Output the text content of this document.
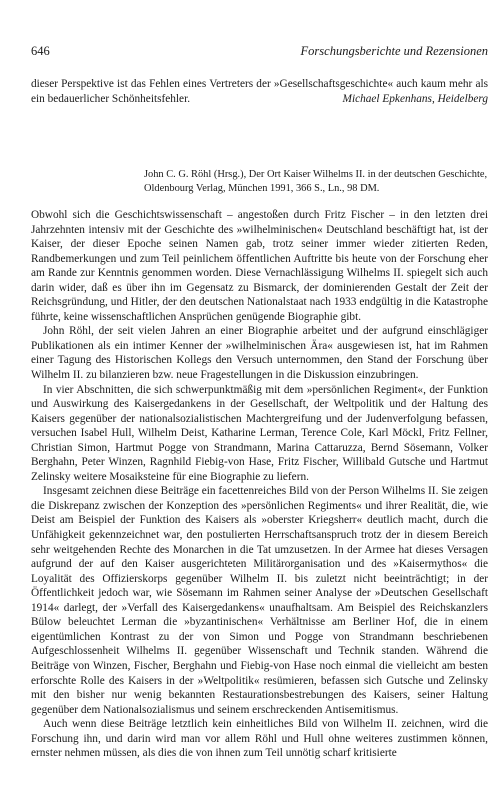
646	Forschungsberichte und Rezensionen
dieser Perspektive ist das Fehlen eines Vertreters der »Gesellschaftsgeschichte« auch kaum mehr als ein bedauerlicher Schönheitsfehler.	Michael Epkenhans, Heidelberg
John C. G. Röhl (Hrsg.), Der Ort Kaiser Wilhelms II. in der deutschen Geschichte, Oldenbourg Verlag, München 1991, 366 S., Ln., 98 DM.

Obwohl sich die Geschichtswissenschaft – angestoßen durch Fritz Fischer – in den letzten drei Jahrzehnten intensiv mit der Geschichte des »wilhelminischen« Deutschland beschäftigt hat, ist der Kaiser, der dieser Epoche seinen Namen gab, trotz seiner immer wieder zitierten Reden, Randbemerkungen und zum Teil peinlichem öffentlichen Auftritte bis heute von der Forschung eher am Rande zur Kenntnis genommen worden. Diese Vernachlässigung Wilhelms II. spiegelt sich auch darin wider, daß es über ihn im Gegensatz zu Bismarck, der dominierenden Gestalt der Zeit der Reichsgründung, und Hitler, der den deutschen Nationalstaat nach 1933 endgültig in die Katastrophe führte, keine wissenschaftlichen Ansprüchen genügende Biographie gibt.

John Röhl, der seit vielen Jahren an einer Biographie arbeitet und der aufgrund einschlägiger Publikationen als ein intimer Kenner der »wilhelminischen Ära« ausgewiesen ist, hat im Rahmen einer Tagung des Historischen Kollegs den Versuch unternommen, den Stand der Forschung über Wilhelm II. zu bilanzieren bzw. neue Fragestellungen in die Diskussion einzubringen.

In vier Abschnitten, die sich schwerpunktmäßig mit dem »persönlichen Regiment«, der Funktion und Auswirkung des Kaisergedankens in der Gesellschaft, der Weltpolitik und der Haltung des Kaisers gegenüber der nationalsozialistischen Machtergreifung und der Judenverfolgung befassen, versuchen Isabel Hull, Wilhelm Deist, Katharine Lerman, Terence Cole, Karl Möckl, Fritz Fellner, Christian Simon, Hartmut Pogge von Strandmann, Marina Cattaruzza, Bernd Sösemann, Volker Berghahn, Peter Winzen, Ragnhild Fiebig-von Hase, Fritz Fischer, Willibald Gutsche und Hartmut Zelinsky weitere Mosaiksteine für eine Biographie zu liefern.

Insgesamt zeichnen diese Beiträge ein facettenreiches Bild von der Person Wilhelms II. Sie zeigen die Diskrepanz zwischen der Konzeption des »persönlichen Regiments« und ihrer Realität, die, wie Deist am Beispiel der Funktion des Kaisers als »oberster Kriegsherr« deutlich macht, durch die Unfähigkeit gekennzeichnet war, den postulierten Herrschaftsanspruch trotz der in diesem Bereich sehr weitgehenden Rechte des Monarchen in die Tat umzusetzen. In der Armee hat dieses Versagen aufgrund der auf den Kaiser ausgerichteten Militärorganisation und des »Kaisermythos« die Loyalität des Offizierskorps gegenüber Wilhelm II. bis zuletzt nicht beeinträchtigt; in der Öffentlichkeit jedoch war, wie Sösemann im Rahmen seiner Analyse der »Deutschen Gesellschaft 1914« darlegt, der »Verfall des Kaisergedankens« unaufhaltsam. Am Beispiel des Reichskanzlers Bülow beleuchtet Lerman die »byzantinischen« Verhältnisse am Berliner Hof, die in einem eigentümlichen Kontrast zu der von Simon und Pogge von Strandmann beschriebenen Aufgeschlossenheit Wilhelms II. gegenüber Wissenschaft und Technik standen. Während die Beiträge von Winzen, Fischer, Berghahn und Fiebig-von Hase noch einmal die vielleicht am besten erforschte Rolle des Kaisers in der »Weltpolitik« resümieren, befassen sich Gutsche und Zelinsky mit den bisher nur wenig bekannten Restaurationsbestrebungen des Kaisers, seiner Haltung gegenüber dem Nationalsozialismus und seinem erschreckenden Antisemitismus.

Auch wenn diese Beiträge letztlich kein einheitliches Bild von Wilhelm II. zeichnen, wird die Forschung ihn, und darin wird man vor allem Röhl und Hull ohne weiteres zustimmen können, ernster nehmen müssen, als dies die von ihnen zum Teil unnötig scharf kritisierte
